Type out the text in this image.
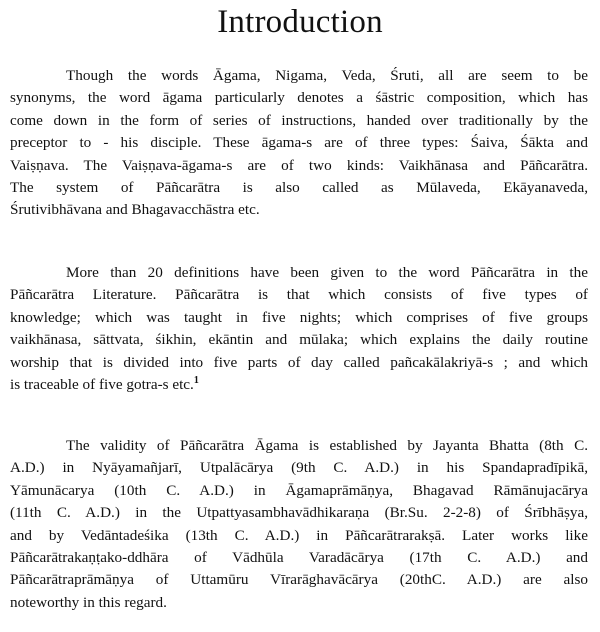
Introduction

Though the words Āgama, Nigama, Veda, Śruti, all are seem to be
synonyms, the word āgama particularly denotes a śāstric composition, which has
come down in the form of series of instructions, handed over traditionally by the
preceptor to - his disciple. These āgama-s are of three types: Śaiva, Śākta and
Vaiṣṇava. The Vaiṣṇava-āgama-s are of two kinds: Vaikhānasa and Pāñcarātra.
The system of Pāñcarātra is also called as Mūlaveda, Ekāyanaveda,
Śrutivibhāvana and Bhagavacchāstra etc.

More than 20 definitions have been given to the word Pāñcarātra in the
Pāñcarātra Literature. Pāñcarātra is that which consists of five types of
knowledge; which was taught in five nights; which comprises of five groups
vaikhānasa, sāttvata, śikhin, ekāntin and mūlaka; which explains the daily routine
worship that is divided into five parts of day called pañcakālakriyā-s ; and which
is traceable of five gotra-s etc.$^1$

The validity of Pāñcarātra Āgama is established by Jayanta Bhatta (8th C.
A.D.) in Nyāyamañjarī, Utpalācārya (9th C. A.D.) in his Spandapradīpikā,
Yāmunācarya (10th C. A.D.) in Āgamaprāmāṇya, Bhagavad Rāmānujacārya
(11th C. A.D.) in the Utpattyasambhavādhikaraṇa (Br.Su. 2-2-8) of Śrībhāṣya,
and by Vedāntadeśika (13th C. A.D.) in Pāñcarātrarakṣā. Later works like
Pāñcarātrakaṇṭako-ddhāra of Vādhūla Varadācārya (17th C. A.D.) and
Pāñcarātraprāmāṇya of Uttamūru Vīrarāghavācārya (20thC. A.D.) are also
noteworthy in this regard.
